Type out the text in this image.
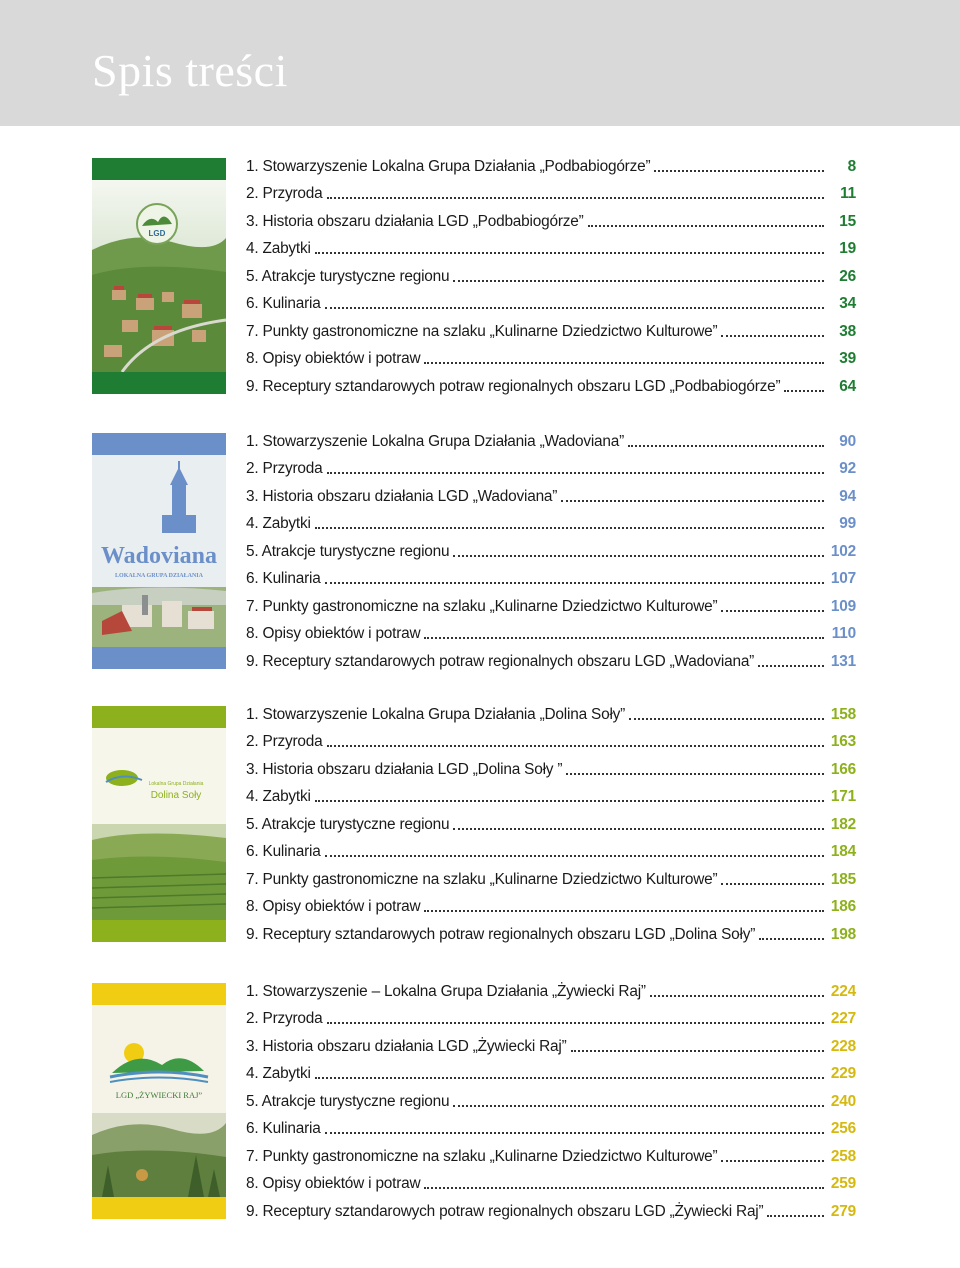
Spis treści
LGD
1. Stowarzyszenie Lokalna Grupa Działania „Podbabiogórze”	8
2. Przyroda	11
3. Historia obszaru działania LGD „Podbabiogórze”	15
4. Zabytki	19
5. Atrakcje turystyczne regionu	26
6. Kulinaria	34
7. Punkty gastronomiczne na szlaku „Kulinarne Dziedzictwo Kulturowe”	38
8. Opisy obiektów i potraw	39
9. Receptury sztandarowych potraw regionalnych obszaru LGD „Podbabiogórze”	64
Wadoviana
LOKALNA GRUPA DZIAŁANIA
1. Stowarzyszenie Lokalna Grupa Działania „Wadoviana”	90
2. Przyroda	92
3. Historia obszaru działania LGD „Wadoviana”	94
4. Zabytki	99
5. Atrakcje turystyczne regionu	102
6. Kulinaria	107
7. Punkty gastronomiczne na szlaku „Kulinarne Dziedzictwo Kulturowe”	109
8. Opisy obiektów i potraw	110
9. Receptury sztandarowych potraw regionalnych obszaru LGD „Wadoviana”	131
Lokalna Grupa Działania
Dolina Soły
1. Stowarzyszenie Lokalna Grupa Działania „Dolina Soły”	158
2. Przyroda	163
3. Historia obszaru działania LGD „Dolina Soły ”	166
4. Zabytki	171
5. Atrakcje turystyczne regionu	182
6. Kulinaria	184
7. Punkty gastronomiczne na szlaku „Kulinarne Dziedzictwo Kulturowe”	185
8. Opisy obiektów i potraw	186
9. Receptury sztandarowych potraw regionalnych obszaru LGD „Dolina Soły”	198
LGD „ŻYWIECKI RAJ”
1. Stowarzyszenie – Lokalna Grupa Działania „Żywiecki Raj”	224
2. Przyroda	227
3. Historia obszaru działania LGD „Żywiecki Raj”	228
4. Zabytki	229
5. Atrakcje turystyczne regionu	240
6. Kulinaria	256
7. Punkty gastronomiczne na szlaku „Kulinarne Dziedzictwo Kulturowe”	258
8. Opisy obiektów i potraw	259
9. Receptury sztandarowych potraw regionalnych obszaru LGD „Żywiecki Raj”	279
